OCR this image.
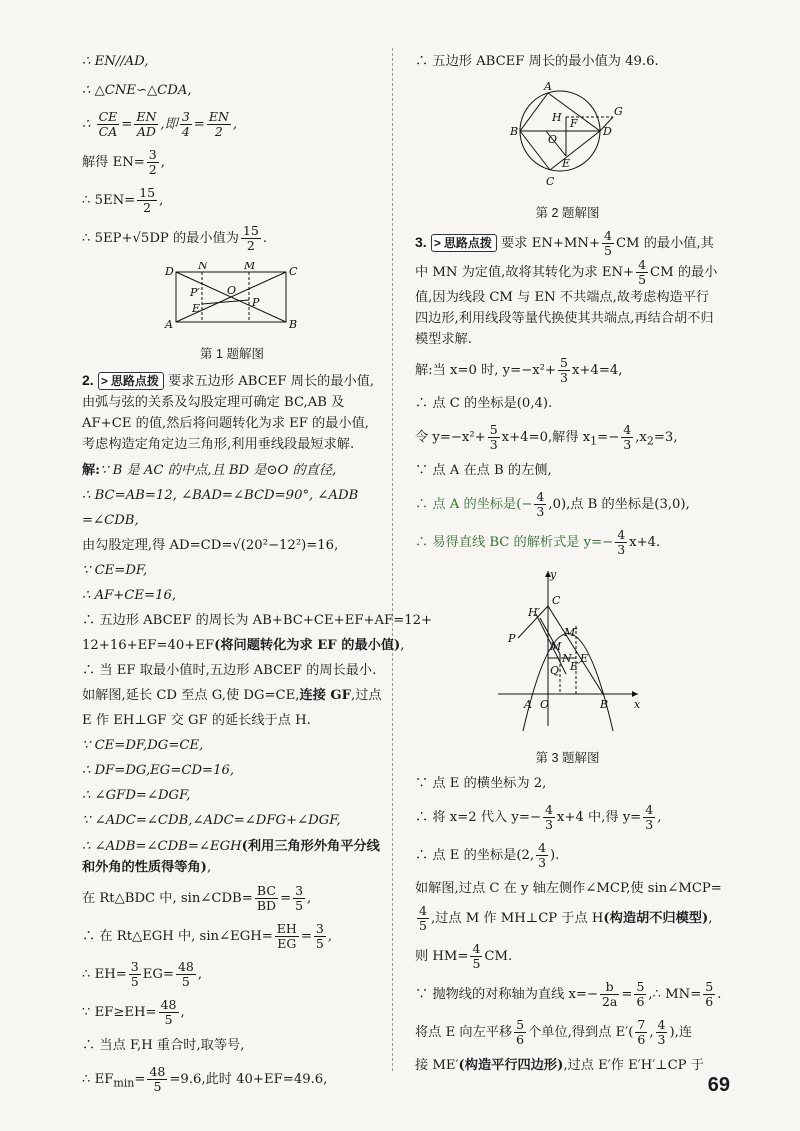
∴ EN//AD,
∴ △CNE∽△CDA,
∴ $\frac{CE}{CA} = \frac{EN}{AD}$ ,即 $\frac{3}{4} = \frac{EN}{2}$ ,
解得 $EN= \frac{3}{2}$ ,
∴ $5EN= \frac{15}{2}$ ,
∴ 5EP+√5DP 的最小值为 $\frac{15}{2}$ .
D N	M	C
P′ O
E	P
A	B
第 1 题解图
2. > 思路点拨 要求五边形 ABCEF 周长的最小值,由弧与弦的关系及勾股定理可确定 BC,AB 及 AF+CE 的值,然后将问题转化为求 EF 的最小值,考虑构造定角定边三角形,利用垂线段最短求解.
解:∵ B 是 AC 的中点,且 BD 是⊙O 的直径,
∴ BC=AB=12, ∠BAD=∠BCD=90°, ∠ADB
=∠CDB,
由勾股定理,得 AD=CD=√(20²−12²)=16,
∵ CE=DF,
∴ AF+CE=16,
∴ 五边形 ABCEF 的周长为 AB+BC+CE+EF+AF=12+
12+16+EF=40+EF(将问题转化为求 EF 的最小值),
∴ 当 EF 取最小值时,五边形 ABCEF 的周长最小.
如解图,延长 CD 至点 G,使 DG=CE,连接 GF,过点
E 作 EH⊥GF 交 GF 的延长线于点 H.
∵ CE=DF,DG=CE,
∴ DF=DG,EG=CD=16,
∴ ∠GFD=∠DGF,
∵ ∠ADC=∠CDB,∠ADC=∠DFG+∠DGF,
∴ ∠ADB=∠CDB=∠EGH(利用三角形外角平分线和外角的性质得等角),
在 Rt△BDC 中, sin∠CDB= $\frac{BC}{BD} = \frac{3}{5}$ ,
∴ 在 Rt△EGH 中, sin∠EGH= $\frac{EH}{EG} = \frac{3}{5}$ ,
∴ $EH= \frac{3}{5} EG= \frac{48}{5}$ ,
∵ $EF\ge EH= \frac{48}{5}$ ,
∴ 当点 F,H 重合时,取等号,
∴ $EF_{min}= \frac{48}{5} =9.6$,此时 40+EF=49.6,
∴ 五边形 ABCEF 周长的最小值为 49.6.
A
G
H
B
F
D
O
E
C
第 2 题解图
3. > 思路点拨 要求 $EN+MN+ \frac{4}{5}$ CM 的最小值,其中 MN 为定值,故将其转化为求 $EN+ \frac{4}{5}$ CM 的最小值,因为线段 CM 与 EN 不共端点,故考虑构造平行四边形,利用线段等量代换使其共端点,再结合胡不归模型求解.
解:当 x=0 时, $y=-x^2+ \frac{5}{3} x+4=4$,
∴ 点 C 的坐标是(0,4).
令 $y=-x^2+ \frac{5}{3} x+4=0$,解得 $x_1=- \frac{4}{3} ,x_2=3$,
∵ 点 A 在点 B 的左侧,
∴ 点 A 的坐标是(− $\frac{4}{3} ,0$),点 B 的坐标是(3,0),
∴ 易得直线 BC 的解析式是 $y=- \frac{4}{3} x+4$.
y
C
H′
P	M′
M
N
Q E′
E
A O	B x
第 3 题解图
∵ 点 E 的横坐标为 2,
∴ 将 x=2 代入 $y=- \frac{4}{3} x+4$ 中,得 $y= \frac{4}{3}$ ,
∴ 点 E 的坐标是(2, $\frac{4}{3}$ ).
如解图,过点 C 在 y 轴左侧作∠MCP,使 sin∠MCP=
$\frac{4}{5}$ ,过点 M 作 MH⊥CP 于点 H(构造胡不归模型),
则 $HM= \frac{4}{5}$ CM.
∵ 抛物线的对称轴为直线 $x=- \frac{b}{2a} = \frac{5}{6}$ ,∴ $MN= \frac{5}{6}$ .
将点 E 向左平移 $\frac{5}{6}$ 个单位,得到点 $E'( \frac{7}{6}$ , $\frac{4}{3}$ ),连
接 ME′(构造平行四边形),过点 E′作 E′H′⊥CP 于
69
